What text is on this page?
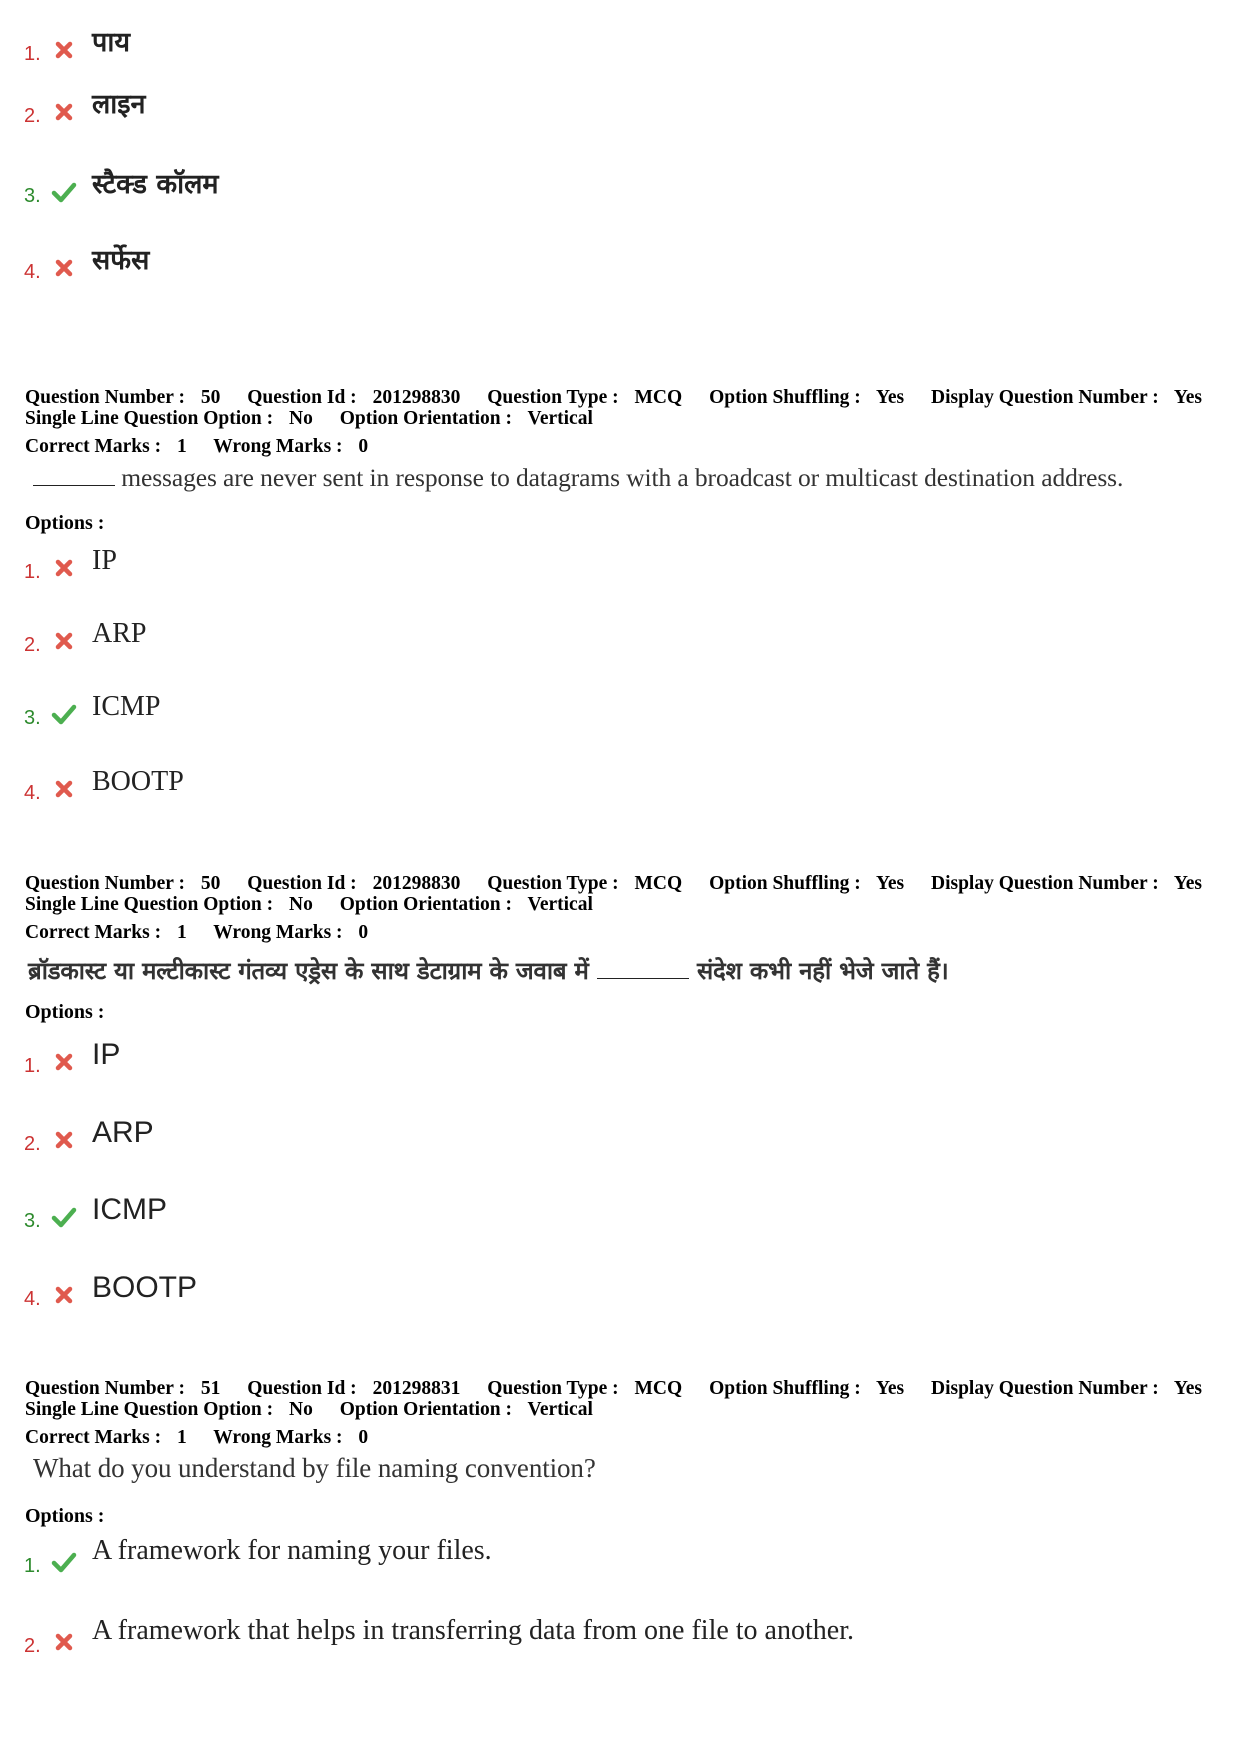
1. पाय
2. लाइन
3. स्टैक्ड कॉलम
4. सर्फेस
Question Number : 50 Question Id : 201298830 Question Type : MCQ Option Shuffling : Yes Display Question Number : Yes
Single Line Question Option : No Option Orientation : Vertical
Correct Marks : 1 Wrong Marks : 0
messages are never sent in response to datagrams with a broadcast or multicast destination address.
Options :
1. IP
2. ARP
3. ICMP
4. BOOTP
Question Number : 50 Question Id : 201298830 Question Type : MCQ Option Shuffling : Yes Display Question Number : Yes
Single Line Question Option : No Option Orientation : Vertical
Correct Marks : 1 Wrong Marks : 0
ब्रॉडकास्ट या मल्टीकास्ट गंतव्य एड्रेस के साथ डेटाग्राम के जवाब में	संदेश कभी नहीं भेजे जाते हैं।
Options :
1. IP
2. ARP
3. ICMP
4. BOOTP
Question Number : 51 Question Id : 201298831 Question Type : MCQ Option Shuffling : Yes Display Question Number : Yes
Single Line Question Option : No Option Orientation : Vertical
Correct Marks : 1 Wrong Marks : 0
What do you understand by file naming convention?
Options :
1. A framework for naming your files.
2. A framework that helps in transferring data from one file to another.
